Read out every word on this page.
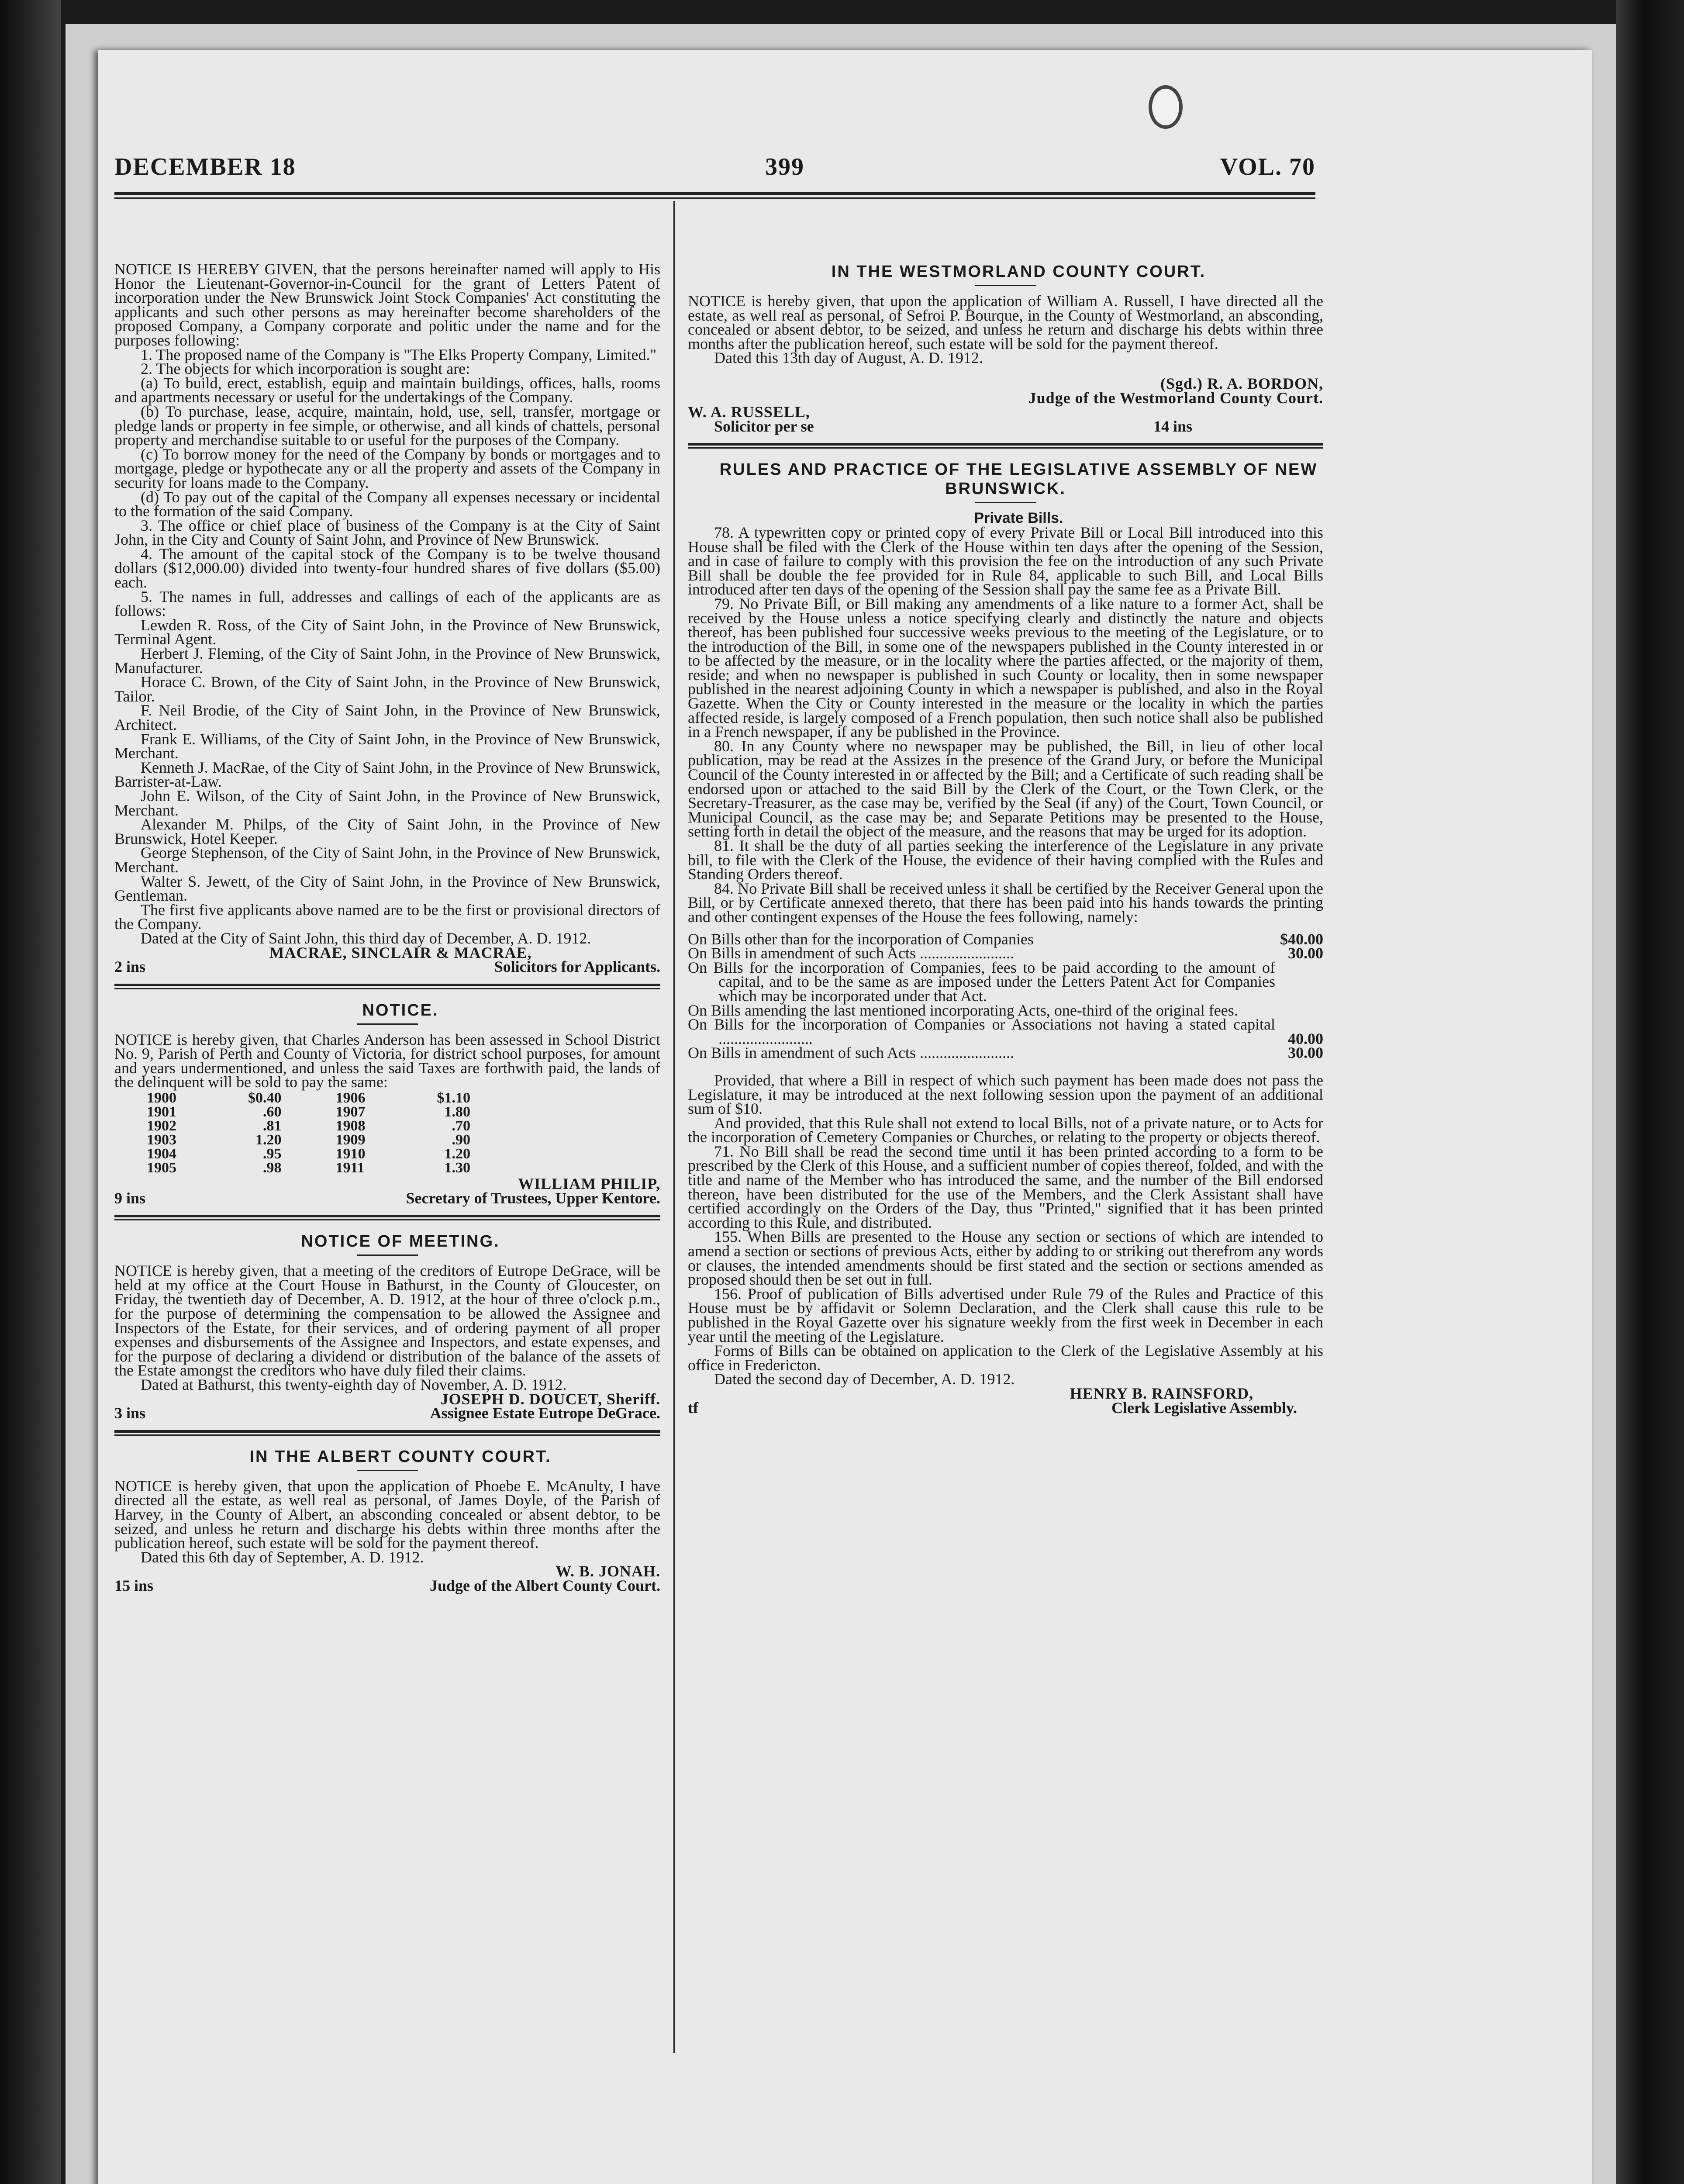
DECEMBER 18	399	VOL. 70

NOTICE IS HEREBY GIVEN, that the persons hereinafter named will apply to His Honor the Lieutenant-Governor-in-Council for the grant of Letters Patent of incorporation under the New Brunswick Joint Stock Companies' Act constituting the applicants and such other persons as may hereinafter become shareholders of the proposed Company, a Company corporate and politic under the name and for the purposes following:

1. The proposed name of the Company is "The Elks Property Company, Limited."

2. The objects for which incorporation is sought are:

(a) To build, erect, establish, equip and maintain buildings, offices, halls, rooms and apartments necessary or useful for the undertakings of the Company.

(b) To purchase, lease, acquire, maintain, hold, use, sell, transfer, mortgage or pledge lands or property in fee simple, or otherwise, and all kinds of chattels, personal property and merchandise suitable to or useful for the purposes of the Company.

(c) To borrow money for the need of the Company by bonds or mortgages and to mortgage, pledge or hypothecate any or all the property and assets of the Company in security for loans made to the Company.

(d) To pay out of the capital of the Company all expenses necessary or incidental to the formation of the said Company.

3. The office or chief place of business of the Company is at the City of Saint John, in the City and County of Saint John, and Province of New Brunswick.

4. The amount of the capital stock of the Company is to be twelve thousand dollars ($12,000.00) divided into twenty-four hundred shares of five dollars ($5.00) each.

5. The names in full, addresses and callings of each of the applicants are as follows:

Lewden R. Ross, of the City of Saint John, in the Province of New Brunswick, Terminal Agent.

Herbert J. Fleming, of the City of Saint John, in the Province of New Brunswick, Manufacturer.

Horace C. Brown, of the City of Saint John, in the Province of New Brunswick, Tailor.

F. Neil Brodie, of the City of Saint John, in the Province of New Brunswick, Architect.

Frank E. Williams, of the City of Saint John, in the Province of New Brunswick, Merchant.

Kenneth J. MacRae, of the City of Saint John, in the Province of New Brunswick, Barrister-at-Law.

John E. Wilson, of the City of Saint John, in the Province of New Brunswick, Merchant.

Alexander M. Philps, of the City of Saint John, in the Province of New Brunswick, Hotel Keeper.

George Stephenson, of the City of Saint John, in the Province of New Brunswick, Merchant.

Walter S. Jewett, of the City of Saint John, in the Province of New Brunswick, Gentleman.

The first five applicants above named are to be the first or provisional directors of the Company.

Dated at the City of Saint John, this third day of December, A. D. 1912.

MACRAE, SINCLAIR & MACRAE,

2 ins	Solicitors for Applicants.

NOTICE.

NOTICE is hereby given, that Charles Anderson has been assessed in School District No. 9, Parish of Perth and County of Victoria, for district school purposes, for amount and years undermentioned, and unless the said Taxes are forthwith paid, the lands of the delinquent will be sold to pay the same:

1900	$0.40	1906	$1.10
1901	.60	1907	1.80
1902	.81	1908	.70
1903	1.20	1909	.90
1904	.95	1910	1.20
1905	.98	1911	1.30

WILLIAM PHILIP,

9 ins	Secretary of Trustees, Upper Kentore.

NOTICE OF MEETING.

NOTICE is hereby given, that a meeting of the creditors of Eutrope DeGrace, will be held at my office at the Court House in Bathurst, in the County of Gloucester, on Friday, the twentieth day of December, A. D. 1912, at the hour of three o'clock p.m., for the purpose of determining the compensation to be allowed the Assignee and Inspectors of the Estate, for their services, and of ordering payment of all proper expenses and disbursements of the Assignee and Inspectors, and estate expenses, and for the purpose of declaring a dividend or distribution of the balance of the assets of the Estate amongst the creditors who have duly filed their claims.

Dated at Bathurst, this twenty-eighth day of November, A. D. 1912.

JOSEPH D. DOUCET, Sheriff.

3 ins	Assignee Estate Eutrope DeGrace.

IN THE ALBERT COUNTY COURT.

NOTICE is hereby given, that upon the application of Phoebe E. McAnulty, I have directed all the estate, as well real as personal, of James Doyle, of the Parish of Harvey, in the County of Albert, an absconding concealed or absent debtor, to be seized, and unless he return and discharge his debts within three months after the publication hereof, such estate will be sold for the payment thereof.

Dated this 6th day of September, A. D. 1912.

W. B. JONAH.

15 ins	Judge of the Albert County Court.

IN THE WESTMORLAND COUNTY COURT.

NOTICE is hereby given, that upon the application of William A. Russell, I have directed all the estate, as well real as personal, of Sefroi P. Bourque, in the County of Westmorland, an absconding, concealed or absent debtor, to be seized, and unless he return and discharge his debts within three months after the publication hereof, such estate will be sold for the payment thereof.

Dated this 13th day of August, A. D. 1912.

(Sgd.) R. A. BORDON,

Judge of the Westmorland County Court.

W. A. RUSSELL,

Solicitor per se	14 ins

RULES AND PRACTICE OF THE LEGISLATIVE ASSEMBLY OF NEW BRUNSWICK.

Private Bills.

78. A typewritten copy or printed copy of every Private Bill or Local Bill introduced into this House shall be filed with the Clerk of the House within ten days after the opening of the Session, and in case of failure to comply with this provision the fee on the introduction of any such Private Bill shall be double the fee provided for in Rule 84, applicable to such Bill, and Local Bills introduced after ten days of the opening of the Session shall pay the same fee as a Private Bill.

79. No Private Bill, or Bill making any amendments of a like nature to a former Act, shall be received by the House unless a notice specifying clearly and distinctly the nature and objects thereof, has been published four successive weeks previous to the meeting of the Legislature, or to the introduction of the Bill, in some one of the newspapers published in the County interested in or to be affected by the measure, or in the locality where the parties affected, or the majority of them, reside; and when no newspaper is published in such County or locality, then in some newspaper published in the nearest adjoining County in which a newspaper is published, and also in the Royal Gazette. When the City or County interested in the measure or the locality in which the parties affected reside, is largely composed of a French population, then such notice shall also be published in a French newspaper, if any be published in the Province.

80. In any County where no newspaper may be published, the Bill, in lieu of other local publication, may be read at the Assizes in the presence of the Grand Jury, or before the Municipal Council of the County interested in or affected by the Bill; and a Certificate of such reading shall be endorsed upon or attached to the said Bill by the Clerk of the Court, or the Town Clerk, or the Secretary-Treasurer, as the case may be, verified by the Seal (if any) of the Court, Town Council, or Municipal Council, as the case may be; and Separate Petitions may be presented to the House, setting forth in detail the object of the measure, and the reasons that may be urged for its adoption.

81. It shall be the duty of all parties seeking the interference of the Legislature in any private bill, to file with the Clerk of the House, the evidence of their having complied with the Rules and Standing Orders thereof.

84. No Private Bill shall be received unless it shall be certified by the Receiver General upon the Bill, or by Certificate annexed thereto, that there has been paid into his hands towards the printing and other contingent expenses of the House the fees following, namely:

On Bills other than for the incorporation of Companies	$40.00
On Bills in amendment of such Acts ........................	30.00
On Bills for the incorporation of Companies, fees to be paid according to the amount of capital, and to be the same as are imposed under the Letters Patent Act for Companies which may be incorporated under that Act.	
On Bills amending the last mentioned incorporating Acts, one-third of the original fees.	
On Bills for the incorporation of Companies or Associations not having a stated capital ........................	40.00
On Bills in amendment of such Acts ........................	30.00

Provided, that where a Bill in respect of which such payment has been made does not pass the Legislature, it may be introduced at the next following session upon the payment of an additional sum of $10.

And provided, that this Rule shall not extend to local Bills, not of a private nature, or to Acts for the incorporation of Cemetery Companies or Churches, or relating to the property or objects thereof.

71. No Bill shall be read the second time until it has been printed according to a form to be prescribed by the Clerk of this House, and a sufficient number of copies thereof, folded, and with the title and name of the Member who has introduced the same, and the number of the Bill endorsed thereon, have been distributed for the use of the Members, and the Clerk Assistant shall have certified accordingly on the Orders of the Day, thus "Printed," signified that it has been printed according to this Rule, and distributed.

155. When Bills are presented to the House any section or sections of which are intended to amend a section or sections of previous Acts, either by adding to or striking out therefrom any words or clauses, the intended amendments should be first stated and the section or sections amended as proposed should then be set out in full.

156. Proof of publication of Bills advertised under Rule 79 of the Rules and Practice of this House must be by affidavit or Solemn Declaration, and the Clerk shall cause this rule to be published in the Royal Gazette over his signature weekly from the first week in December in each year until the meeting of the Legislature.

Forms of Bills can be obtained on application to the Clerk of the Legislative Assembly at his office in Fredericton.

Dated the second day of December, A. D. 1912.

HENRY B. RAINSFORD,

tf	Clerk Legislative Assembly.
